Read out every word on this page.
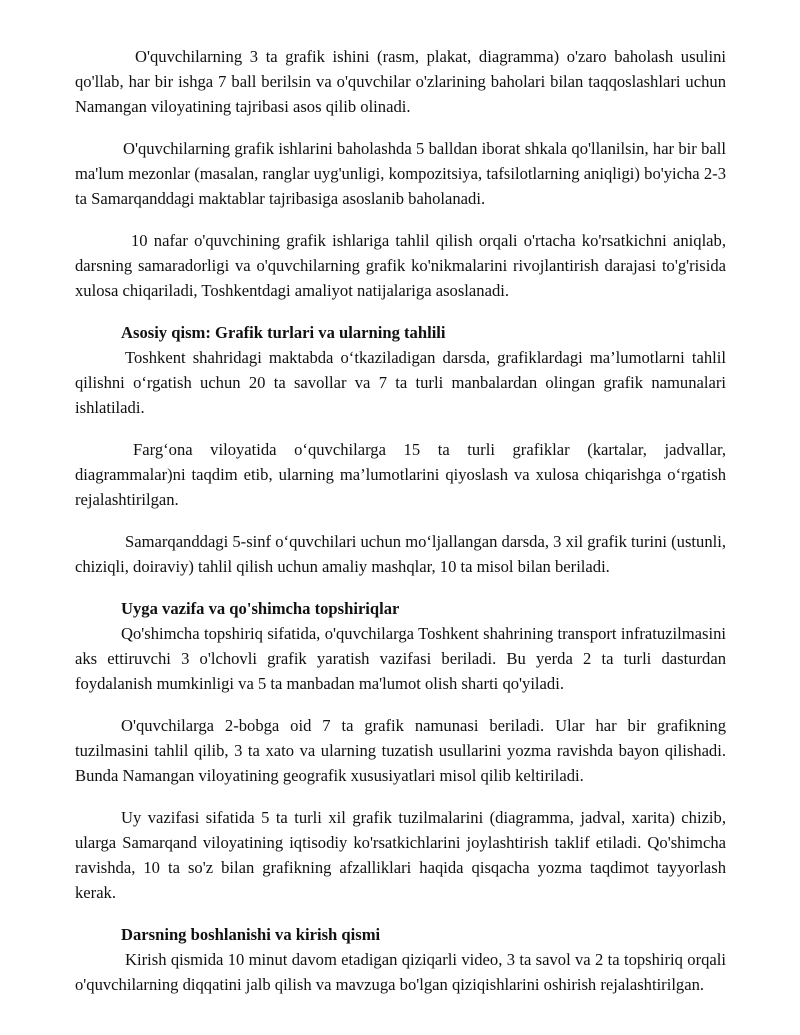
O'quvchilarning 3 ta grafik ishini (rasm, plakat, diagramma) o'zaro baholash usulini qo'llab, har bir ishga 7 ball berilsin va o'quvchilar o'zlarining baholari bilan taqqoslashlari uchun Namangan viloyatining tajribasi asos qilib olinadi.

O'quvchilarning grafik ishlarini baholashda 5 balldan iborat shkala qo'llanilsin, har bir ball ma'lum mezonlar (masalan, ranglar uyg'unligi, kompozitsiya, tafsilotlarning aniqligi) bo'yicha 2-3 ta Samarqanddagi maktablar tajribasiga asoslanib baholanadi.

10 nafar o'quvchining grafik ishlariga tahlil qilish orqali o'rtacha ko'rsatkichni aniqlab, darsning samaradorligi va o'quvchilarning grafik ko'nikmalarini rivojlantirish darajasi to'g'risida xulosa chiqariladi, Toshkentdagi amaliyot natijalariga asoslanadi.

Asosiy qism: Grafik turlari va ularning tahlili

Toshkent shahridagi maktabda o‘tkaziladigan darsda, grafiklardagi ma’lumotlarni tahlil qilishni o‘rgatish uchun 20 ta savollar va 7 ta turli manbalardan olingan grafik namunalari ishlatiladi.

Farg‘ona viloyatida o‘quvchilarga 15 ta turli grafiklar (kartalar, jadvallar, diagrammalar)ni taqdim etib, ularning ma’lumotlarini qiyoslash va xulosa chiqarishga o‘rgatish rejalashtirilgan.

Samarqanddagi 5-sinf o‘quvchilari uchun mo‘ljallangan darsda, 3 xil grafik turini (ustunli, chiziqli, doiraviy) tahlil qilish uchun amaliy mashqlar, 10 ta misol bilan beriladi.

Uyga vazifa va qo'shimcha topshiriqlar

Qo'shimcha topshiriq sifatida, o'quvchilarga Toshkent shahrining transport infratuzilmasini aks ettiruvchi 3 o'lchovli grafik yaratish vazifasi beriladi. Bu yerda 2 ta turli dasturdan foydalanish mumkinligi va 5 ta manbadan ma'lumot olish sharti qo'yiladi.

O'quvchilarga 2-bobga oid 7 ta grafik namunasi beriladi. Ular har bir grafikning tuzilmasini tahlil qilib, 3 ta xato va ularning tuzatish usullarini yozma ravishda bayon qilishadi. Bunda Namangan viloyatining geografik xususiyatlari misol qilib keltiriladi.

Uy vazifasi sifatida 5 ta turli xil grafik tuzilmalarini (diagramma, jadval, xarita) chizib, ularga Samarqand viloyatining iqtisodiy ko'rsatkichlarini joylashtirish taklif etiladi. Qo'shimcha ravishda, 10 ta so'z bilan grafikning afzalliklari haqida qisqacha yozma taqdimot tayyorlash kerak.

Darsning boshlanishi va kirish qismi

Kirish qismida 10 minut davom etadigan qiziqarli video, 3 ta savol va 2 ta topshiriq orqali o'quvchilarning diqqatini jalb qilish va mavzuga bo'lgan qiziqishlarini oshirish rejalashtirilgan.
